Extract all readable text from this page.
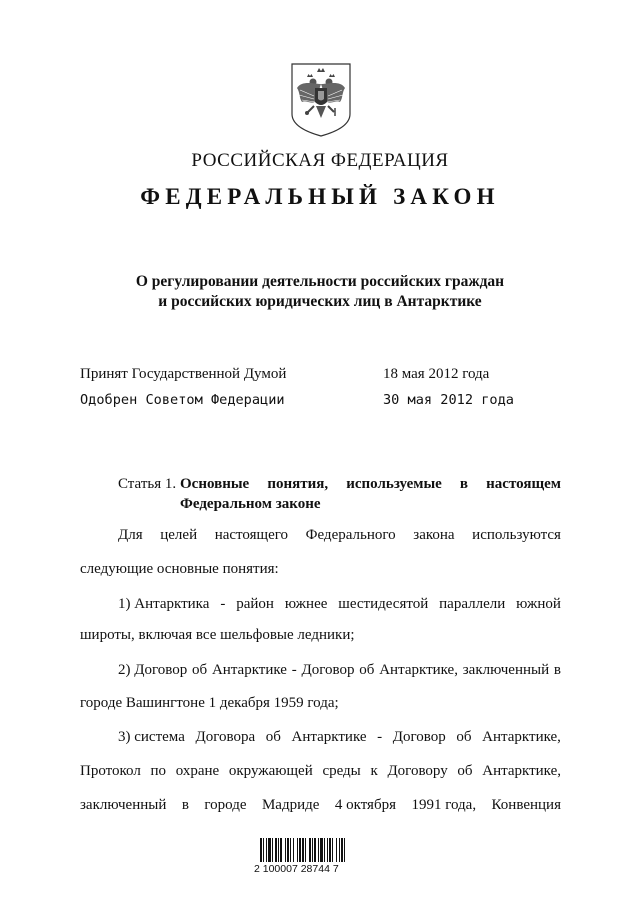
РОССИЙСКАЯ ФЕДЕРАЦИЯ
ФЕДЕРАЛЬНЫЙ ЗАКОН
О регулировании деятельности российских граждан
и российских юридических лиц в Антарктике
Принят Государственной Думой	18 мая 2012 года
Одобрен Советом Федерации	30 мая 2012 года
Статья 1. Основные понятия, используемые в настоящем Федеральном законе
Для целей настоящего Федерального закона используются
следующие основные понятия:
1) Антарктика - район южнее шестидесятой параллели южной
широты, включая все шельфовые ледники;
2) Договор об Антарктике - Договор об Антарктике, заключенный в
городе Вашингтоне 1 декабря 1959 года;
3) система Договора об Антарктике - Договор об Антарктике,
Протокол по охране окружающей среды к Договору об Антарктике,
заключенный в городе Мадриде 4 октября 1991 года, Конвенция
2 100007 28744 7
